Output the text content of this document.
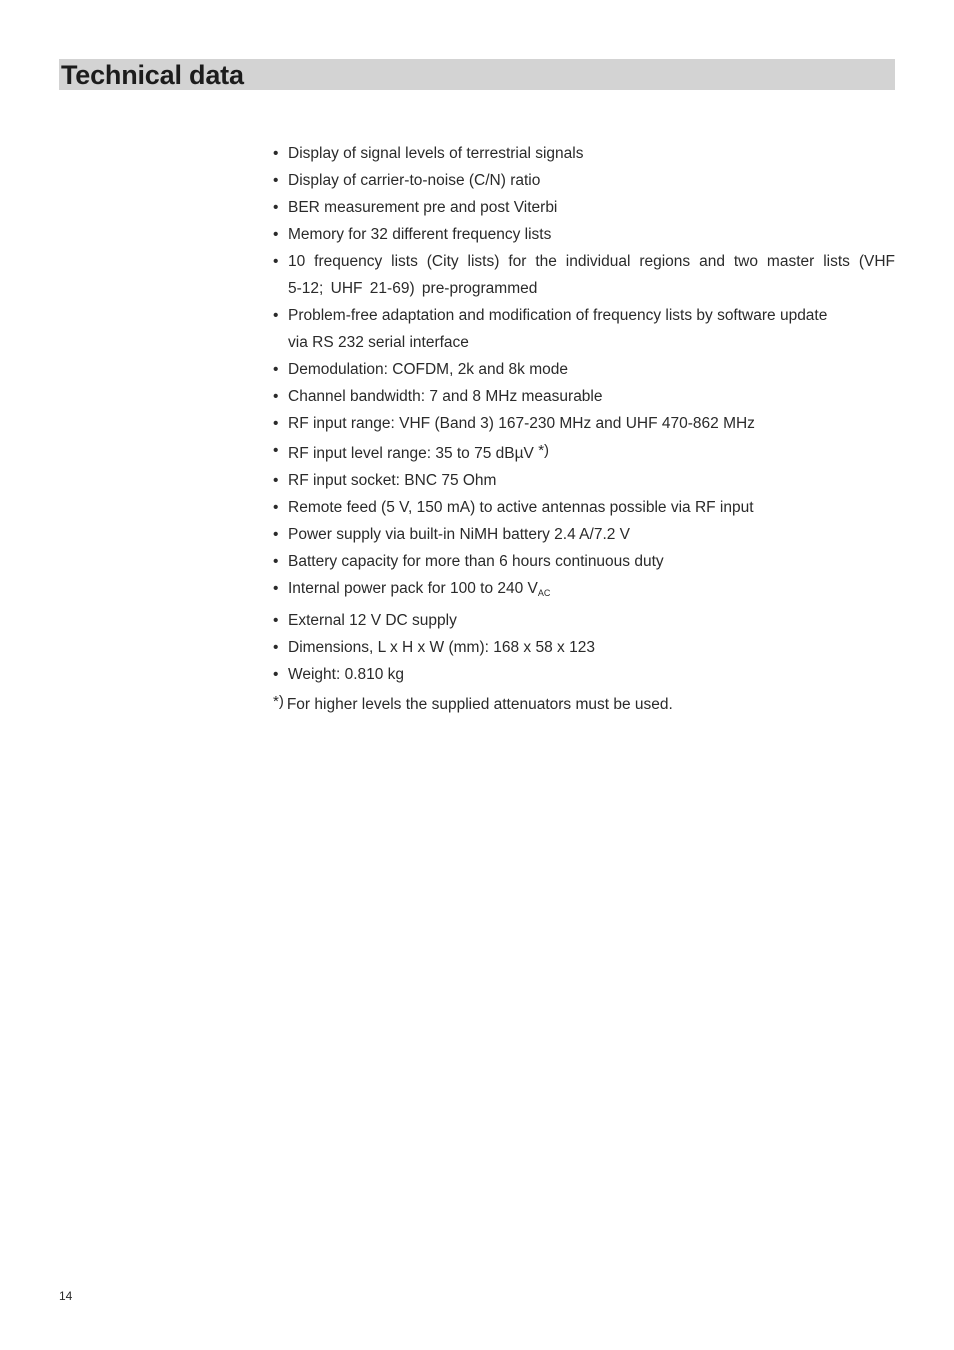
Technical data
• Display of signal levels of terrestrial signals
• Display of carrier-to-noise (C/N) ratio
• BER measurement pre and post Viterbi
• Memory for 32 different frequency lists
• 10 frequency lists (City lists) for the individual regions and two master lists (VHF 5-12; UHF 21-69) pre-programmed
• Problem-free adaptation and modification of frequency lists by software update
via RS 232 serial interface
• Demodulation: COFDM, 2k and 8k mode
• Channel bandwidth: 7 and 8 MHz measurable
• RF input range: VHF (Band 3) 167-230 MHz and UHF 470-862 MHz
• RF input level range: 35 to 75 dBµV *)
• RF input socket: BNC 75 Ohm
• Remote feed (5 V, 150 mA) to active antennas possible via RF input
• Power supply via built-in NiMH battery 2.4 A/7.2 V
• Battery capacity for more than 6 hours continuous duty
• Internal power pack for 100 to 240 VAC
• External 12 V DC supply
• Dimensions, L x H x W (mm): 168 x 58 x 123
• Weight: 0.810 kg
*) For higher levels the supplied attenuators must be used.
14
